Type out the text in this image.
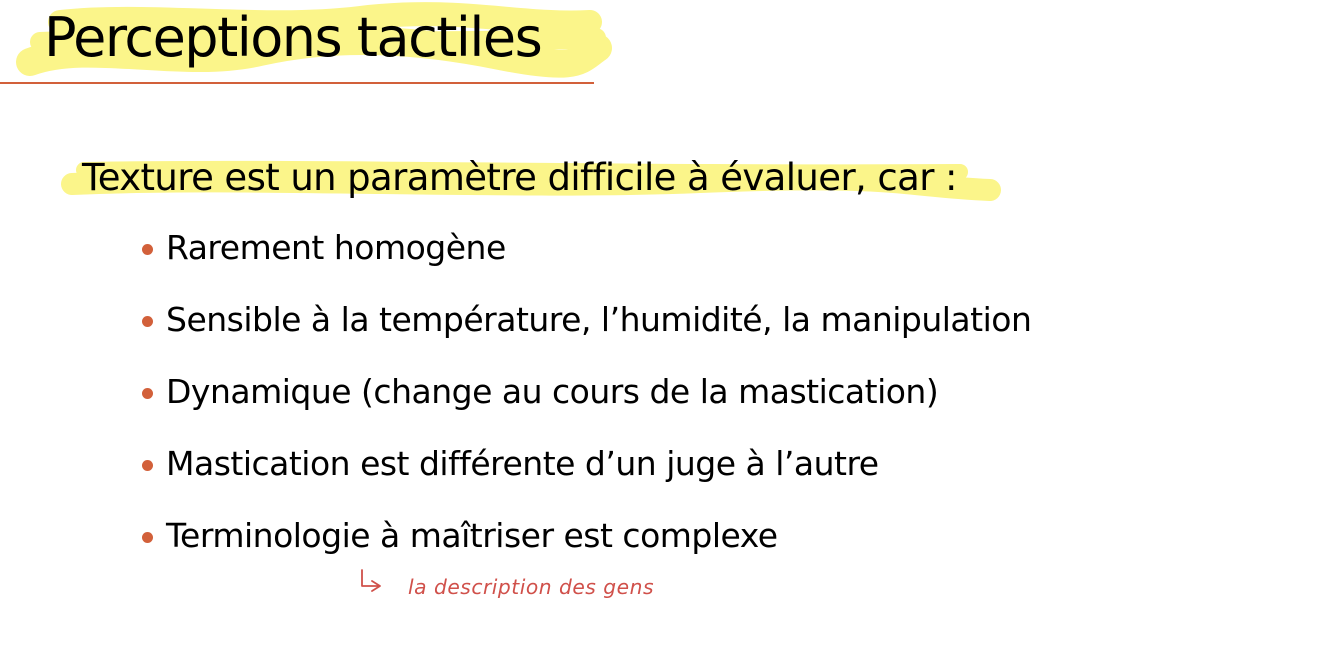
Perceptions tactiles
Texture est un paramètre difficile à évaluer, car :
Rarement homogène
Sensible à la température, l’humidité, la manipulation
Dynamique (change au cours de la mastication)
Mastication est différente d’un juge à l’autre
Terminologie à maîtriser est complexe
la description des gens
